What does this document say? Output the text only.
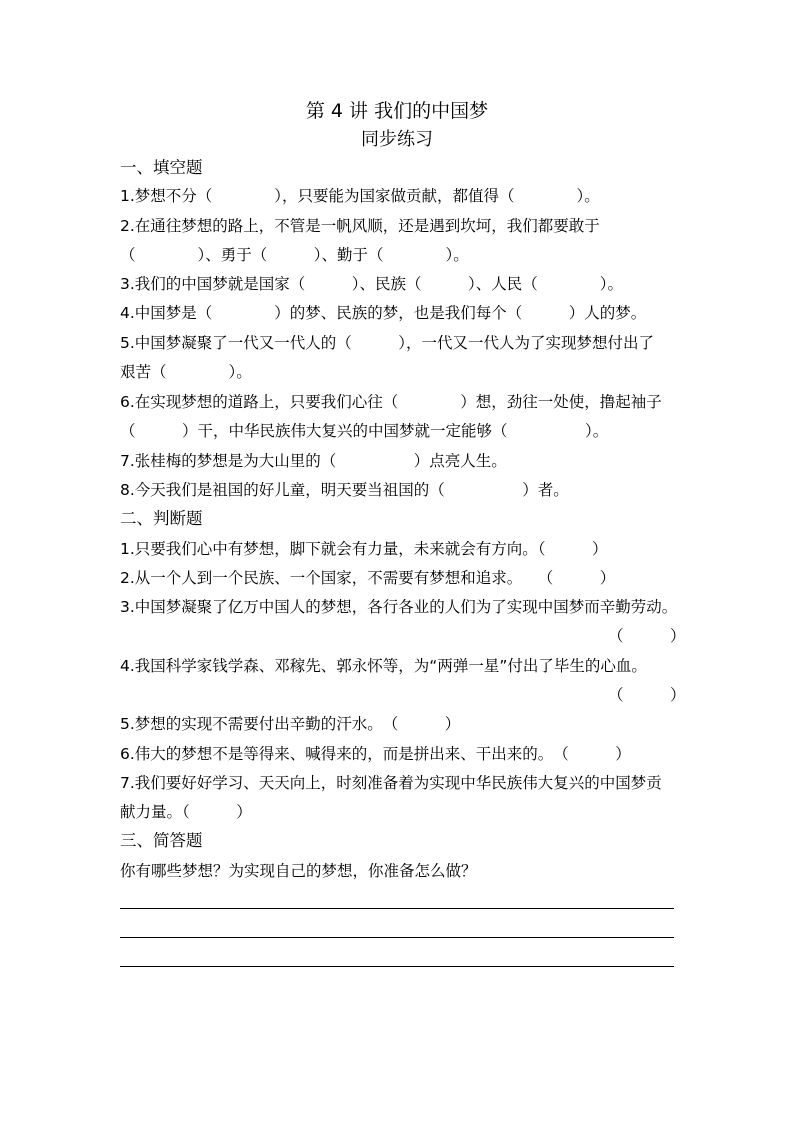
第 4 讲 我们的中国梦
同步练习
一、填空题
1.梦想不分（　　　　），只要能为国家做贡献，都值得（　　　　）。
2.在通往梦想的路上，不管是一帆风顺，还是遇到坎坷，我们都要敢于
（　　　　）、勇于（　　　）、勤于（　　　　）。
3.我们的中国梦就是国家（　　　）、民族（　　　）、人民（　　　　）。
4.中国梦是（　　　　）的梦、民族的梦，也是我们每个（　　　）人的梦。
5.中国梦凝聚了一代又一代人的（　　　），一代又一代人为了实现梦想付出了
艰苦（　　　　）。
6.在实现梦想的道路上，只要我们心往（　　　　）想，劲往一处使，撸起袖子
（　　　）干，中华民族伟大复兴的中国梦就一定能够（　　　　　）。
7.张桂梅的梦想是为大山里的（　　　　　）点亮人生。
8.今天我们是祖国的好儿童，明天要当祖国的（　　　　　）者。
二、判断题
1.只要我们心中有梦想，脚下就会有力量，未来就会有方向。（　　　）
2.从一个人到一个民族、一个国家，不需要有梦想和追求。　　（　　　）
3.中国梦凝聚了亿万中国人的梦想，各行各业的人们为了实现中国梦而辛勤劳动。
（　　　）
4.我国科学家钱学森、邓稼先、郭永怀等，为“两弹一星”付出了毕生的心血。
（　　　）
5.梦想的实现不需要付出辛勤的汗水。　（　　　）
6.伟大的梦想不是等得来、喊得来的，而是拼出来、干出来的。　（　　　）
7.我们要好好学习、天天向上，时刻准备着为实现中华民族伟大复兴的中国梦贡
献力量。（　　　）
三、简答题
你有哪些梦想？为实现自己的梦想，你准备怎么做？
